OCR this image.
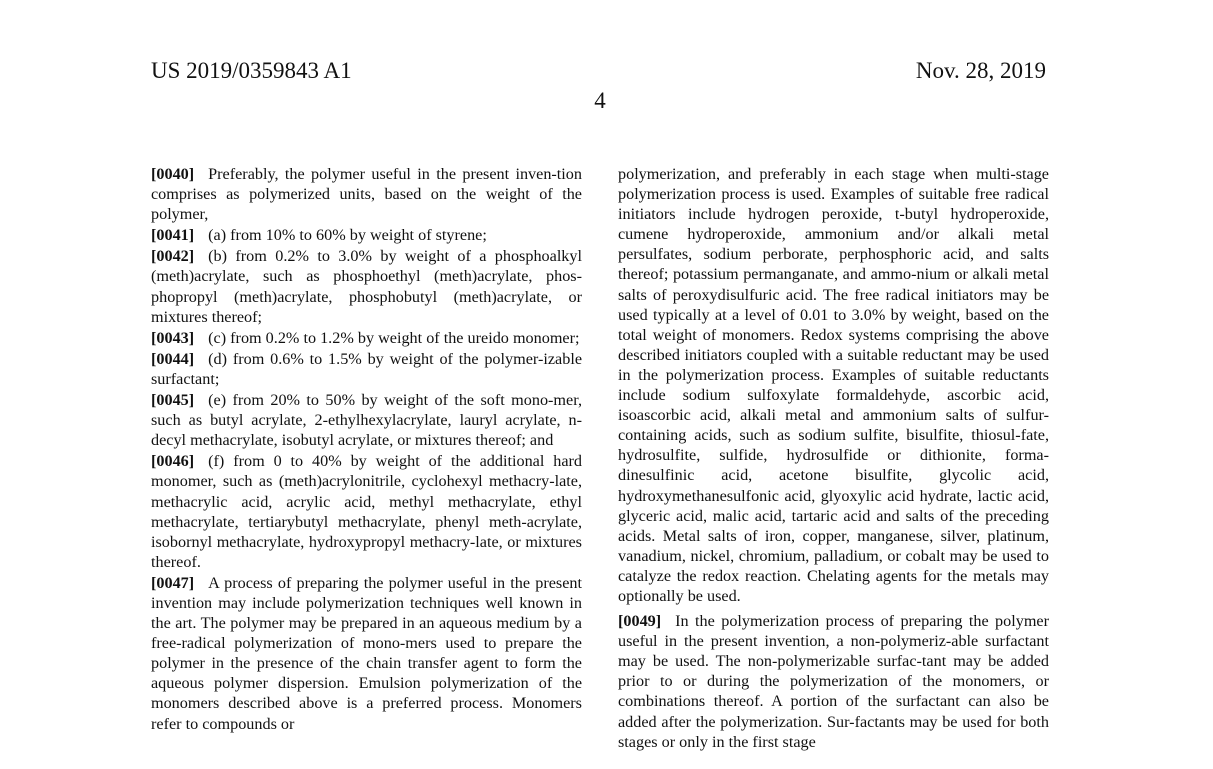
US 2019/0359843 A1	Nov. 28, 2019
4

[0040] Preferably, the polymer useful in the present inven-tion comprises as polymerized units, based on the weight of the polymer,

[0041] (a) from 10% to 60% by weight of styrene;

[0042] (b) from 0.2% to 3.0% by weight of a phosphoalkyl (meth)acrylate, such as phosphoethyl (meth)acrylate, phos-phopropyl (meth)acrylate, phosphobutyl (meth)acrylate, or mixtures thereof;

[0043] (c) from 0.2% to 1.2% by weight of the ureido monomer;

[0044] (d) from 0.6% to 1.5% by weight of the polymer-izable surfactant;

[0045] (e) from 20% to 50% by weight of the soft mono-mer, such as butyl acrylate, 2-ethylhexylacrylate, lauryl acrylate, n-decyl methacrylate, isobutyl acrylate, or mixtures thereof; and

[0046] (f) from 0 to 40% by weight of the additional hard monomer, such as (meth)acrylonitrile, cyclohexyl methacry-late, methacrylic acid, acrylic acid, methyl methacrylate, ethyl methacrylate, tertiarybutyl methacrylate, phenyl meth-acrylate, isobornyl methacrylate, hydroxypropyl methacry-late, or mixtures thereof.

[0047] A process of preparing the polymer useful in the present invention may include polymerization techniques well known in the art. The polymer may be prepared in an aqueous medium by a free-radical polymerization of mono-mers used to prepare the polymer in the presence of the chain transfer agent to form the aqueous polymer dispersion. Emulsion polymerization of the monomers described above is a preferred process. Monomers refer to compounds or

polymerization, and preferably in each stage when multi-stage polymerization process is used. Examples of suitable free radical initiators include hydrogen peroxide, t-butyl hydroperoxide, cumene hydroperoxide, ammonium and/or alkali metal persulfates, sodium perborate, perphosphoric acid, and salts thereof; potassium permanganate, and ammo-nium or alkali metal salts of peroxydisulfuric acid. The free radical initiators may be used typically at a level of 0.01 to 3.0% by weight, based on the total weight of monomers. Redox systems comprising the above described initiators coupled with a suitable reductant may be used in the polymerization process. Examples of suitable reductants include sodium sulfoxylate formaldehyde, ascorbic acid, isoascorbic acid, alkali metal and ammonium salts of sulfur-containing acids, such as sodium sulfite, bisulfite, thiosul-fate, hydrosulfite, sulfide, hydrosulfide or dithionite, forma-dinesulfinic acid, acetone bisulfite, glycolic acid, hydroxymethanesulfonic acid, glyoxylic acid hydrate, lactic acid, glyceric acid, malic acid, tartaric acid and salts of the preceding acids. Metal salts of iron, copper, manganese, silver, platinum, vanadium, nickel, chromium, palladium, or cobalt may be used to catalyze the redox reaction. Chelating agents for the metals may optionally be used.

[0049] In the polymerization process of preparing the polymer useful in the present invention, a non-polymeriz-able surfactant may be used. The non-polymerizable surfac-tant may be added prior to or during the polymerization of the monomers, or combinations thereof. A portion of the surfactant can also be added after the polymerization. Sur-factants may be used for both stages or only in the first stage
